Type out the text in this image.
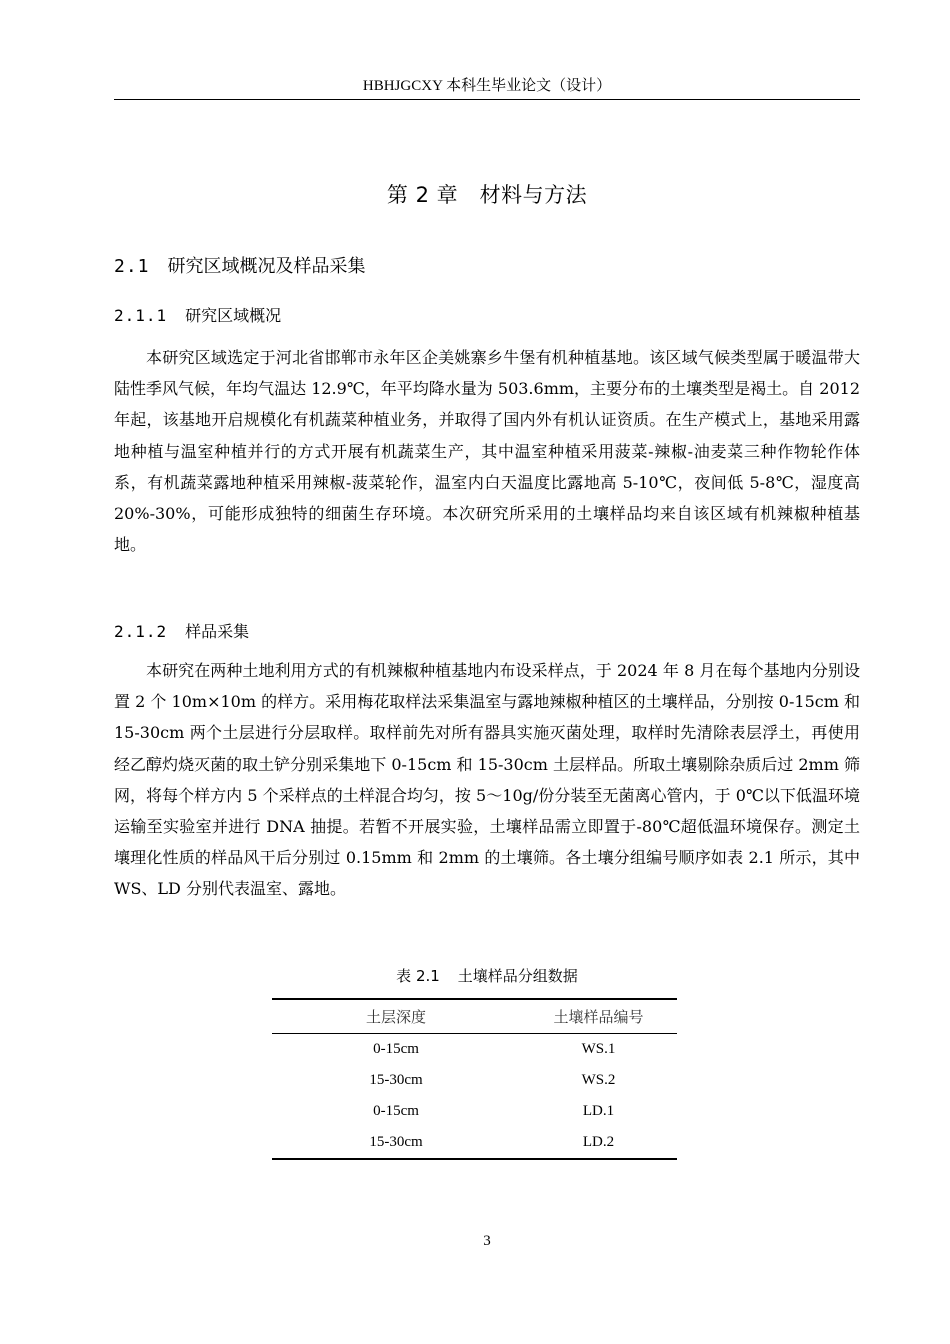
HBHJGCXY 本科生毕业论文（设计）
第 2 章　材料与方法
2.1 研究区域概况及样品采集
2.1.1 研究区域概况

本研究区域选定于河北省邯郸市永年区企美姚寨乡牛堡有机种植基地。该区域气候类型属于暖温带大陆性季风气候，年均气温达 12.9℃，年平均降水量为 503.6mm，主要分布的土壤类型是褐土。自 2012 年起，该基地开启规模化有机蔬菜种植业务，并取得了国内外有机认证资质。在生产模式上，基地采用露地种植与温室种植并行的方式开展有机蔬菜生产，其中温室种植采用菠菜-辣椒-油麦菜三种作物轮作体系，有机蔬菜露地种植采用辣椒-菠菜轮作，温室内白天温度比露地高 5-10℃，夜间低 5-8℃，湿度高 20%-30%，可能形成独特的细菌生存环境。本次研究所采用的土壤样品均来自该区域有机辣椒种植基地。

2.1.2 样品采集

本研究在两种土地利用方式的有机辣椒种植基地内布设采样点，于 2024 年 8 月在每个基地内分别设置 2 个 10m×10m 的样方。采用梅花取样法采集温室与露地辣椒种植区的土壤样品，分别按 0-15cm 和 15-30cm 两个土层进行分层取样。取样前先对所有器具实施灭菌处理，取样时先清除表层浮土，再使用经乙醇灼烧灭菌的取土铲分别采集地下 0-15cm 和 15-30cm 土层样品。所取土壤剔除杂质后过 2mm 筛网，将每个样方内 5 个采样点的土样混合均匀，按 5～10g/份分装至无菌离心管内，于 0℃以下低温环境运输至实验室并进行 DNA 抽提。若暂不开展实验，土壤样品需立即置于-80℃超低温环境保存。测定土壤理化性质的样品风干后分别过 0.15mm 和 2mm 的土壤筛。各土壤分组编号顺序如表 2.1 所示，其中 WS、LD 分别代表温室、露地。

表 2.1 土壤样品分组数据
土层深度	土壤样品编号
0-15cm	WS.1
15-30cm	WS.2
0-15cm	LD.1
15-30cm	LD.2
3
